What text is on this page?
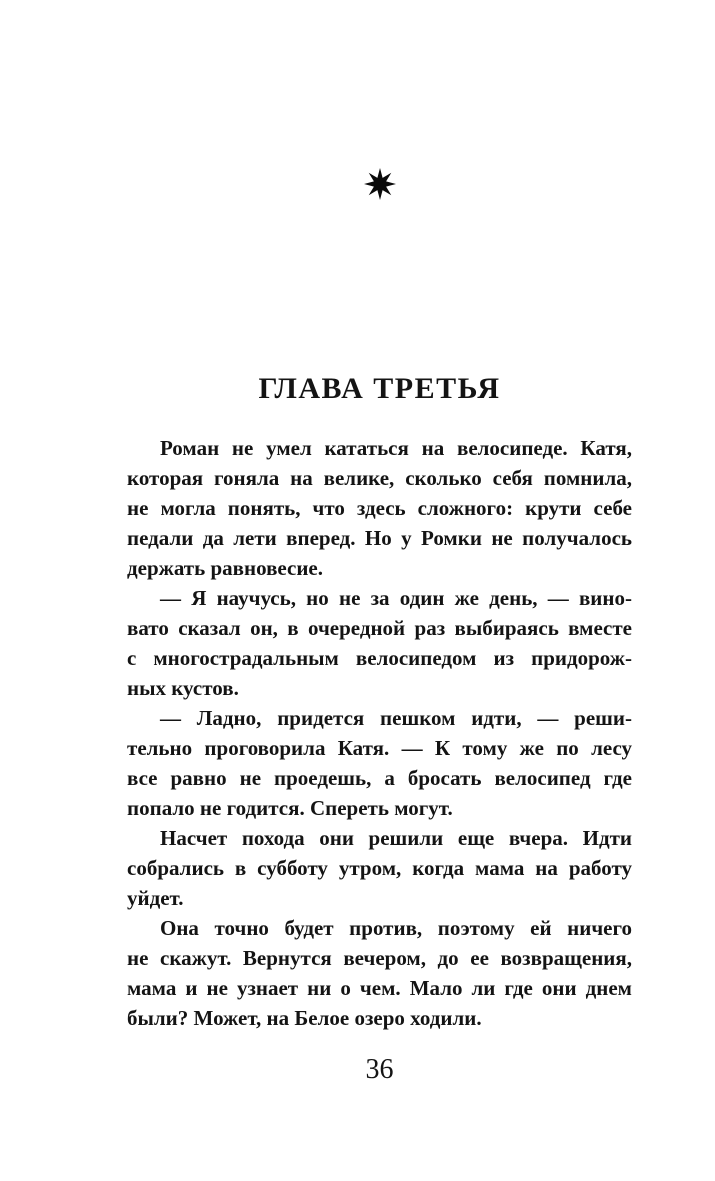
ГЛАВА ТРЕТЬЯ
Роман не умел кататься на велосипеде. Катя,
которая гоняла на велике, сколько себя помнила,
не могла понять, что здесь сложного: крути себе
педали да лети вперед. Но у Ромки не получалось
держать равновесие.
— Я научусь, но не за один же день, — вино-
вато сказал он, в очередной раз выбираясь вместе
с многострадальным велосипедом из придорож-
ных кустов.
— Ладно, придется пешком идти, — реши-
тельно проговорила Катя. — К тому же по лесу
все равно не проедешь, а бросать велосипед где
попало не годится. Спереть могут.
Насчет похода они решили еще вчера. Идти
собрались в субботу утром, когда мама на работу
уйдет.
Она точно будет против, поэтому ей ничего
не скажут. Вернутся вечером, до ее возвращения,
мама и не узнает ни о чем. Мало ли где они днем
были? Может, на Белое озеро ходили.
36
